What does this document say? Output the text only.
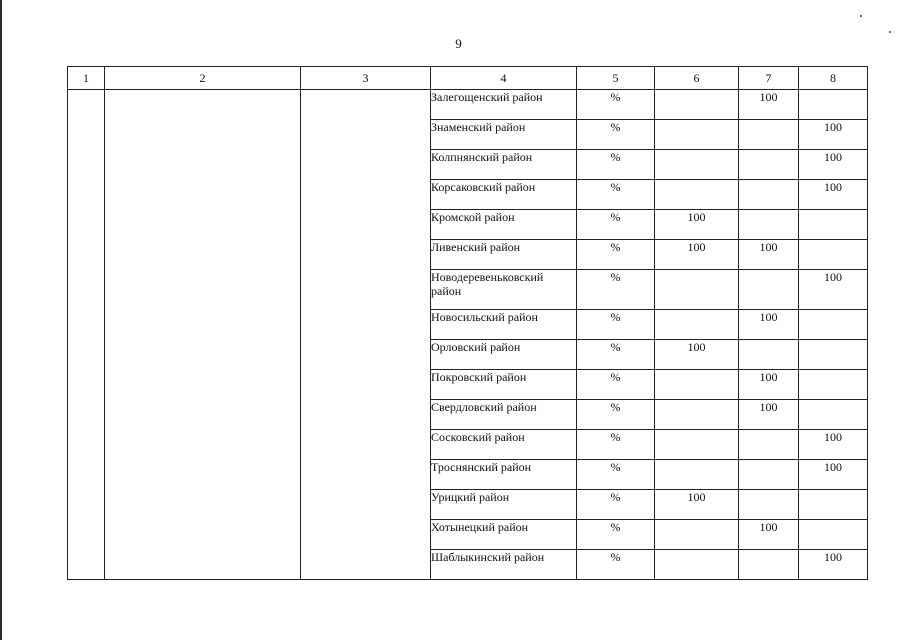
9
1	2	3	4	5	6	7	8
			Залегощенский район	%		100	
			Знаменский район	%			100
			Колпнянский район	%			100
			Корсаковский район	%			100
			Кромской район	%	100		
			Ливенский район	%	100	100	
			Новодеревеньковский район	%			100
			Новосильский район	%		100	
			Орловский район	%	100		
			Покровский район	%		100	
			Свердловский район	%		100	
			Сосковский район	%			100
			Троснянский район	%			100
			Урицкий район	%	100		
			Хотынецкий район	%		100	
			Шаблыкинский район	%			100
